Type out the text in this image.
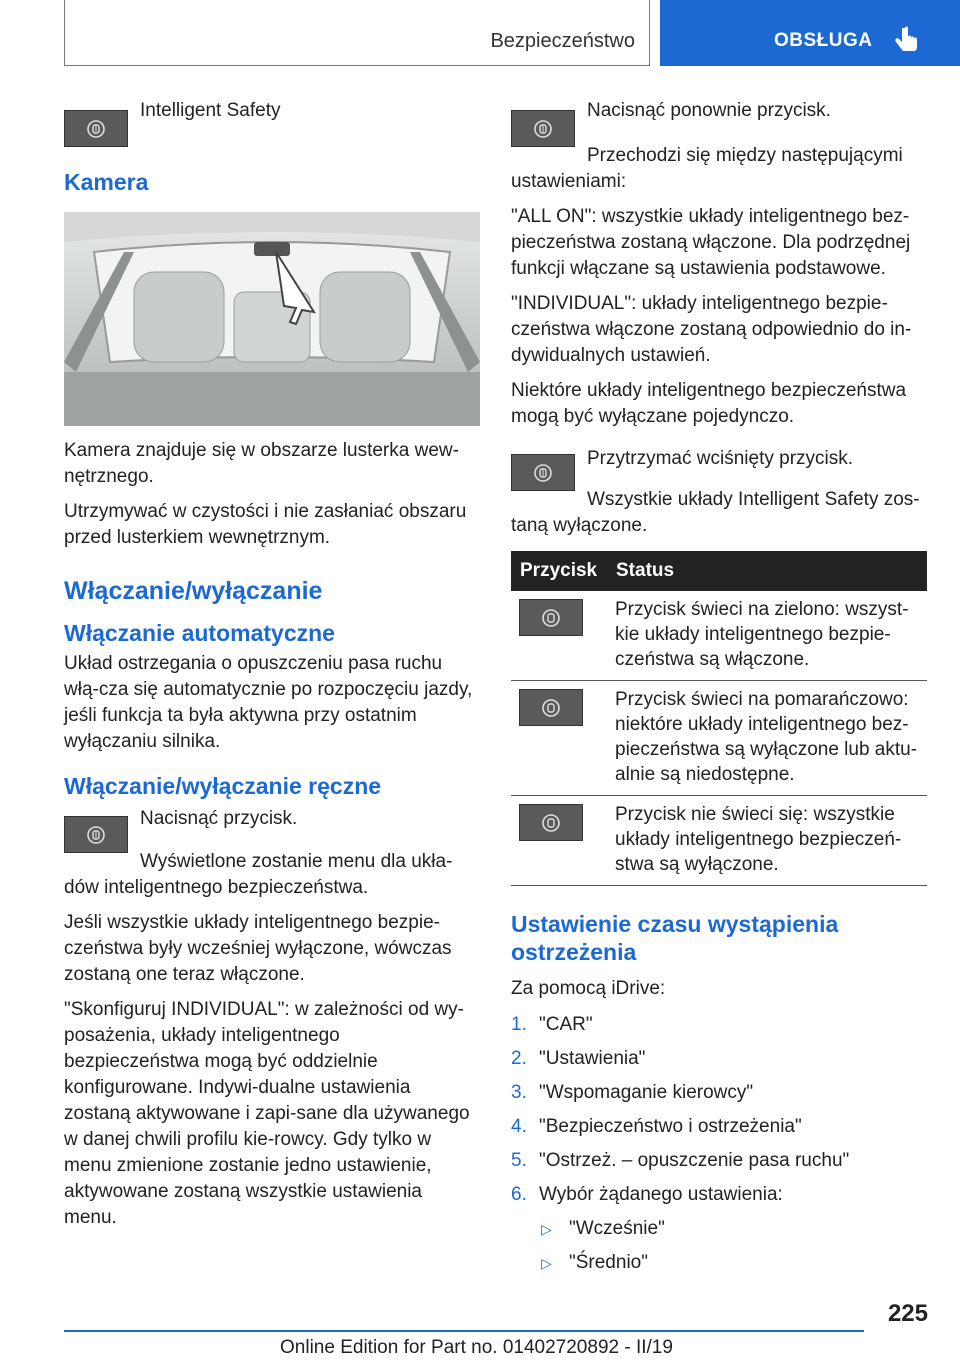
Bezpieczeństwo	OBSŁUGA

Intelligent Safety

Kamera

Kamera znajduje się w obszarze lusterka wew-nętrznego.

Utrzymywać w czystości i nie zasłaniać obszaru przed lusterkiem wewnętrznym.

Włączanie/wyłączanie
Włączanie automatyczne

Układ ostrzegania o opuszczeniu pasa ruchu włą-cza się automatycznie po rozpoczęciu jazdy, jeśli funkcja ta była aktywna przy ostatnim wyłączaniu silnika.

Włączanie/wyłączanie ręczne

Nacisnąć przycisk.

Wyświetlone zostanie menu dla ukła-dów inteligentnego bezpieczeństwa.

Jeśli wszystkie układy inteligentnego bezpie-czeństwa były wcześniej wyłączone, wówczas zostaną one teraz włączone.

"Skonfiguruj INDIVIDUAL": w zależności od wy-posażenia, układy inteligentnego bezpieczeństwa mogą być oddzielnie konfigurowane. Indywi-dualne ustawienia zostaną aktywowane i zapi-sane dla używanego w danej chwili profilu kie-rowcy. Gdy tylko w menu zmienione zostanie jedno ustawienie, aktywowane zostaną wszystkie ustawienia menu.

Nacisnąć ponownie przycisk.

Przechodzi się między następującymi ustawieniami:

"ALL ON": wszystkie układy inteligentnego bez-pieczeństwa zostaną włączone. Dla podrzędnej funkcji włączane są ustawienia podstawowe.

"INDIVIDUAL": układy inteligentnego bezpie-czeństwa włączone zostaną odpowiednio do in-dywidualnych ustawień.

Niektóre układy inteligentnego bezpieczeństwa mogą być wyłączane pojedynczo.

Przytrzymać wciśnięty przycisk.

Wszystkie układy Intelligent Safety zos-taną wyłączone.

Przycisk	Status

	Przycisk świeci na zielono: wszyst-kie układy inteligentnego bezpie-czeństwa są włączone.

	Przycisk świeci na pomarańczowo: niektóre układy inteligentnego bez-pieczeństwa są wyłączone lub aktu-alnie są niedostępne.

	Przycisk nie świeci się: wszystkie układy inteligentnego bezpieczeń-stwa są wyłączone.
Ustawienie czasu wystąpienia ostrzeżenia

Za pomocą iDrive:

1. "CAR"
2. "Ustawienia"
3. "Wspomaganie kierowcy"
4. "Bezpieczeństwo i ostrzeżenia"
5. "Ostrzeż. – opuszczenie pasa ruchu"
6. Wybór żądanego ustawienia:
▷ "Wcześnie"
▷ "Średnio"
225
Online Edition for Part no. 01402720892 - II/19
